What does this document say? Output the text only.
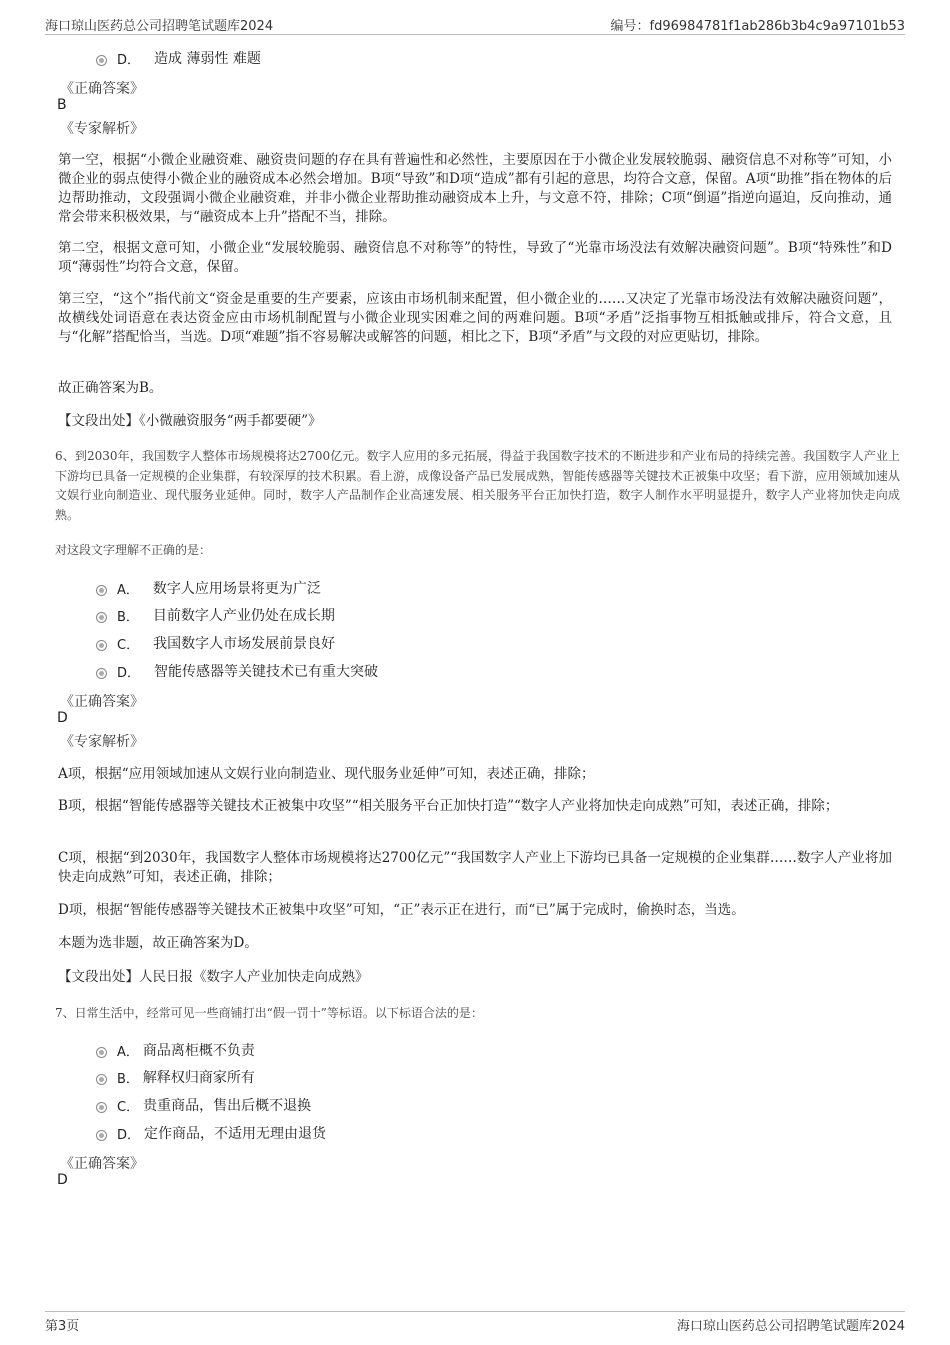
海口琼山医药总公司招聘笔试题库2024	编号：fd96984781f1ab286b3b4c9a97101b53
D． 造成 薄弱性 难题
《正确答案》
B
《专家解析》
第一空，根据“小微企业融资难、融资贵问题的存在具有普遍性和必然性，主要原因在于小微企业发展较脆弱、融资信息不对称等”可知，小微企业的弱点使得小微企业的融资成本必然会增加。B项“导致”和D项“造成”都有引起的意思，均符合文意，保留。A项“助推”指在物体的后边帮助推动，文段强调小微企业融资难，并非小微企业帮助推动融资成本上升，与文意不符，排除；C项“倒逼”指逆向逼迫，反向推动，通常会带来积极效果，与“融资成本上升”搭配不当，排除。
第二空，根据文意可知，小微企业“发展较脆弱、融资信息不对称等”的特性，导致了“光靠市场没法有效解决融资问题”。B项“特殊性”和D项“薄弱性”均符合文意，保留。
第三空，“这个”指代前文“资金是重要的生产要素，应该由市场机制来配置，但小微企业的……又决定了光靠市场没法有效解决融资问题”，故横线处词语意在表达资金应由市场机制配置与小微企业现实困难之间的两难问题。B项“矛盾”泛指事物互相抵触或排斥，符合文意，且与“化解”搭配恰当，当选。D项“难题”指不容易解决或解答的问题，相比之下，B项“矛盾”与文段的对应更贴切，排除。
故正确答案为B。
【文段出处】《小微融资服务“两手都要硬”》
6、到2030年，我国数字人整体市场规模将达2700亿元。数字人应用的多元拓展，得益于我国数字技术的不断进步和产业布局的持续完善。我国数字人产业上下游均已具备一定规模的企业集群，有较深厚的技术积累。看上游，成像设备产品已发展成熟，智能传感器等关键技术正被集中攻坚；看下游，应用领域加速从文娱行业向制造业、现代服务业延伸。同时，数字人产品制作企业高速发展、相关服务平台正加快打造，数字人制作水平明显提升，数字人产业将加快走向成熟。
对这段文字理解不正确的是：
A． 数字人应用场景将更为广泛
B． 目前数字人产业仍处在成长期
C． 我国数字人市场发展前景良好
D． 智能传感器等关键技术已有重大突破
《正确答案》
D
《专家解析》
A项，根据“应用领域加速从文娱行业向制造业、现代服务业延伸”可知，表述正确，排除；
B项，根据“智能传感器等关键技术正被集中攻坚”“相关服务平台正加快打造”“数字人产业将加快走向成熟”可知，表述正确，排除；
C项，根据“到2030年，我国数字人整体市场规模将达2700亿元”“我国数字人产业上下游均已具备一定规模的企业集群……数字人产业将加快走向成熟”可知，表述正确，排除；
D项，根据“智能传感器等关键技术正被集中攻坚”可知，“正”表示正在进行，而“已”属于完成时，偷换时态，当选。
本题为选非题，故正确答案为D。
【文段出处】人民日报《数字人产业加快走向成熟》
7、日常生活中，经常可见一些商铺打出“假一罚十”等标语。以下标语合法的是：
A． 商品离柜概不负责
B． 解释权归商家所有
C． 贵重商品，售出后概不退换
D． 定作商品，不适用无理由退货
《正确答案》
D
第3页	海口琼山医药总公司招聘笔试题库2024
